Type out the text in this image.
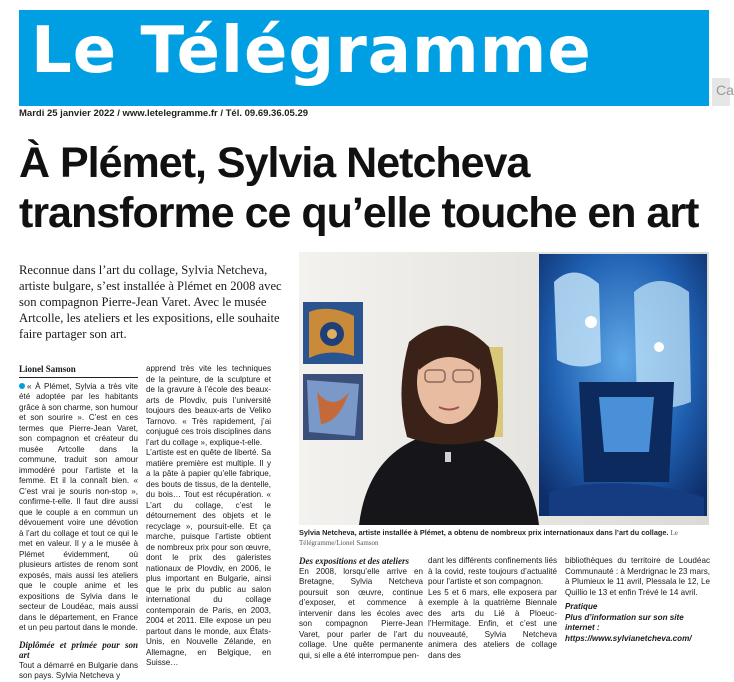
Le Télégramme
Ca
Mardi 25 janvier 2022 / www.letelegramme.fr / Tél. 09.69.36.05.29
À Plémet, Sylvia Netcheva
transforme ce qu’elle touche en art
Reconnue dans l’art du collage, Sylvia Netcheva, artiste bulgare, s’est installée à Plémet en 2008 avec son compagnon Pierre-Jean Varet. Avec le musée Artcolle, les ateliers et les expositions, elle souhaite faire partager son art.
Sylvia Netcheva, artiste installée à Plémet, a obtenu de nombreux prix internationaux dans l’art du collage. Le Télégramme/Lionel Samson
Lionel Samson

« À Plémet, Sylvia a très vite été adoptée par les habitants grâce à son charme, son humour et son sourire ». C’est en ces termes que Pierre-Jean Varet, son compagnon et créateur du musée Artcolle dans la commune, traduit son amour immodéré pour l’artiste et la femme. Et il la connaît bien. « C’est vrai je souris non-stop », confirme-t-elle. Il faut dire aussi que le couple a en commun un dévouement voire une dévotion à l’art du collage et tout ce qui le met en valeur. Il y a le musée à Plémet évidemment, où plusieurs artistes de renom sont exposés, mais aussi les ateliers que le couple anime et les expositions de Sylvia dans le secteur de Loudéac, mais aussi dans le département, en France et un peu partout dans le monde.

Diplômée et primée pour son art

Tout a démarré en Bulgarie dans son pays. Sylvia Netcheva y

apprend très vite les techniques de la peinture, de la sculpture et de la gravure à l’école des beaux-arts de Plovdiv, puis l’université toujours des beaux-arts de Veliko Tarnovo. « Très rapidement, j’ai conjugué ces trois disciplines dans l’art du collage », explique-t-elle.

L’artiste est en quête de liberté. Sa matière première est multiple. Il y a la pâte à papier qu’elle fabrique, des bouts de tissus, de la dentelle, du bois… Tout est récupération. « L’art du collage, c’est le détournement des objets et le recyclage », poursuit-elle. Et ça marche, puisque l’artiste obtient de nombreux prix pour son œuvre, dont le prix des galeristes nationaux de Plovdiv, en 2006, le plus important en Bulgarie, ainsi que le prix du public au salon international du collage contemporain de Paris, en 2003, 2004 et 2011. Elle expose un peu partout dans le monde, aux États-Unis, en Nouvelle Zélande, en Allemagne, en Belgique, en Suisse…

Des expositions et des ateliers

En 2008, lorsqu’elle arrive en Bretagne, Sylvia Netcheva poursuit son œuvre, continue d’exposer, et commence à intervenir dans les écoles avec son compagnon Pierre-Jean Varet, pour parler de l’art du collage. Une quête permanente qui, si elle a été interrompue pen-

dant les différents confinements liés à la covid, reste toujours d’actualité pour l’artiste et son compagnon.

Les 5 et 6 mars, elle exposera par exemple à la quatrième Biennale des arts du Lié à Ploeuc-l’Hermitage. Enfin, et c’est une nouveauté, Sylvia Netcheva animera des ateliers de collage dans des

bibliothèques du territoire de Loudéac Communauté : à Merdrignac le 23 mars, à Plumieux le 11 avril, Plessala le 12, Le Quillio le 13 et enfin Trévé le 14 avril.

Pratique

Plus d’information sur son site internet : https://www.sylvianetcheva.com/
